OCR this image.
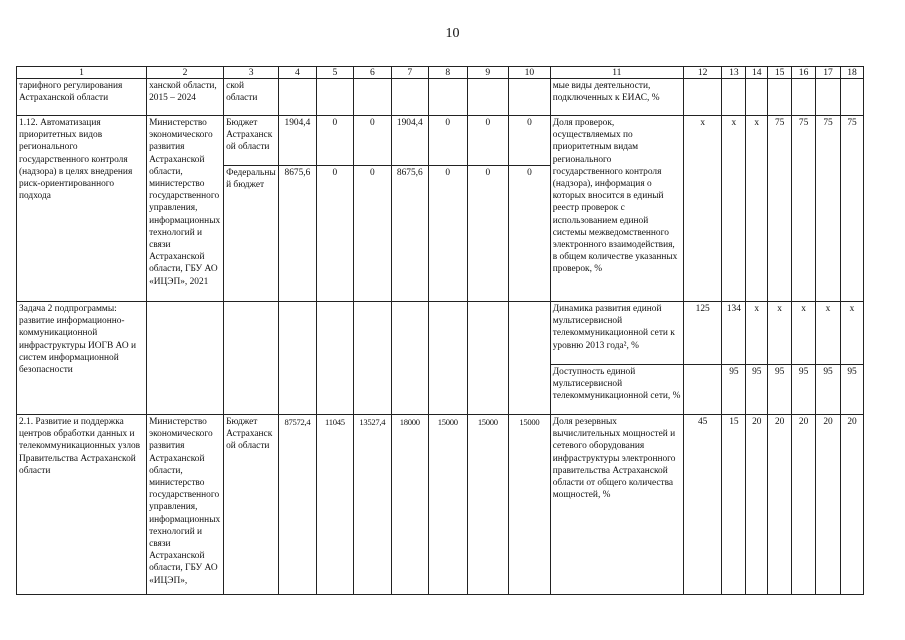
10
1	2	3	4	5	6	7	8	9	10	11	12	13	14	15	16	17	18
тарифного регулирования Астраханской области	ханской области, 2015 – 2024	ской области								мые виды деятельности, подключенных к ЕИАС, %							
1.12. Автоматизация приоритетных видов регионального государственного контроля (надзора) в целях внедрения риск-ориентированного подхода	Министерство экономического развития Астраханской области, министерство государственного управления, информационных технологий и связи Астраханской области, ГБУ АО «ИЦЭП», 2021	Бюджет Астраханской области	1904,4	0	0	1904,4	0	0	0	Доля проверок, осуществляемых по приоритетным видам регионального государственного контроля (надзора), информация о которых вносится в единый реестр проверок с использованием единой системы межведомственного электронного взаимодействия, в общем количестве указанных проверок, %	х	х	х	75	75	75	75
		Федеральный бюджет	8675,6	0	0	8675,6	0	0	0								
Задача 2 подпрограммы: развитие информационно-коммуникационной инфраструктуры ИОГВ АО и систем информационной безопасности										Динамика развития единой мультисервисной телекоммуникационной сети к уровню 2013 года², %	125	134	х	х	х	х	х
										Доступность единой мультисервисной телекоммуникационной сети, %		95	95	95	95	95	95
2.1. Развитие и поддержка центров обработки данных и телекоммуникационных узлов Правительства Астраханской области	Министерство экономического развития Астраханской области, министерство государственного управления, информационных технологий и связи Астраханской области, ГБУ АО «ИЦЭП»,	Бюджет Астраханской области	87572,4	11045	13527,4	18000	15000	15000	15000	Доля резервных вычислительных мощностей и сетевого оборудования инфраструктуры электронного правительства Астраханской области от общего количества мощностей, %	45	15	20	20	20	20	20
